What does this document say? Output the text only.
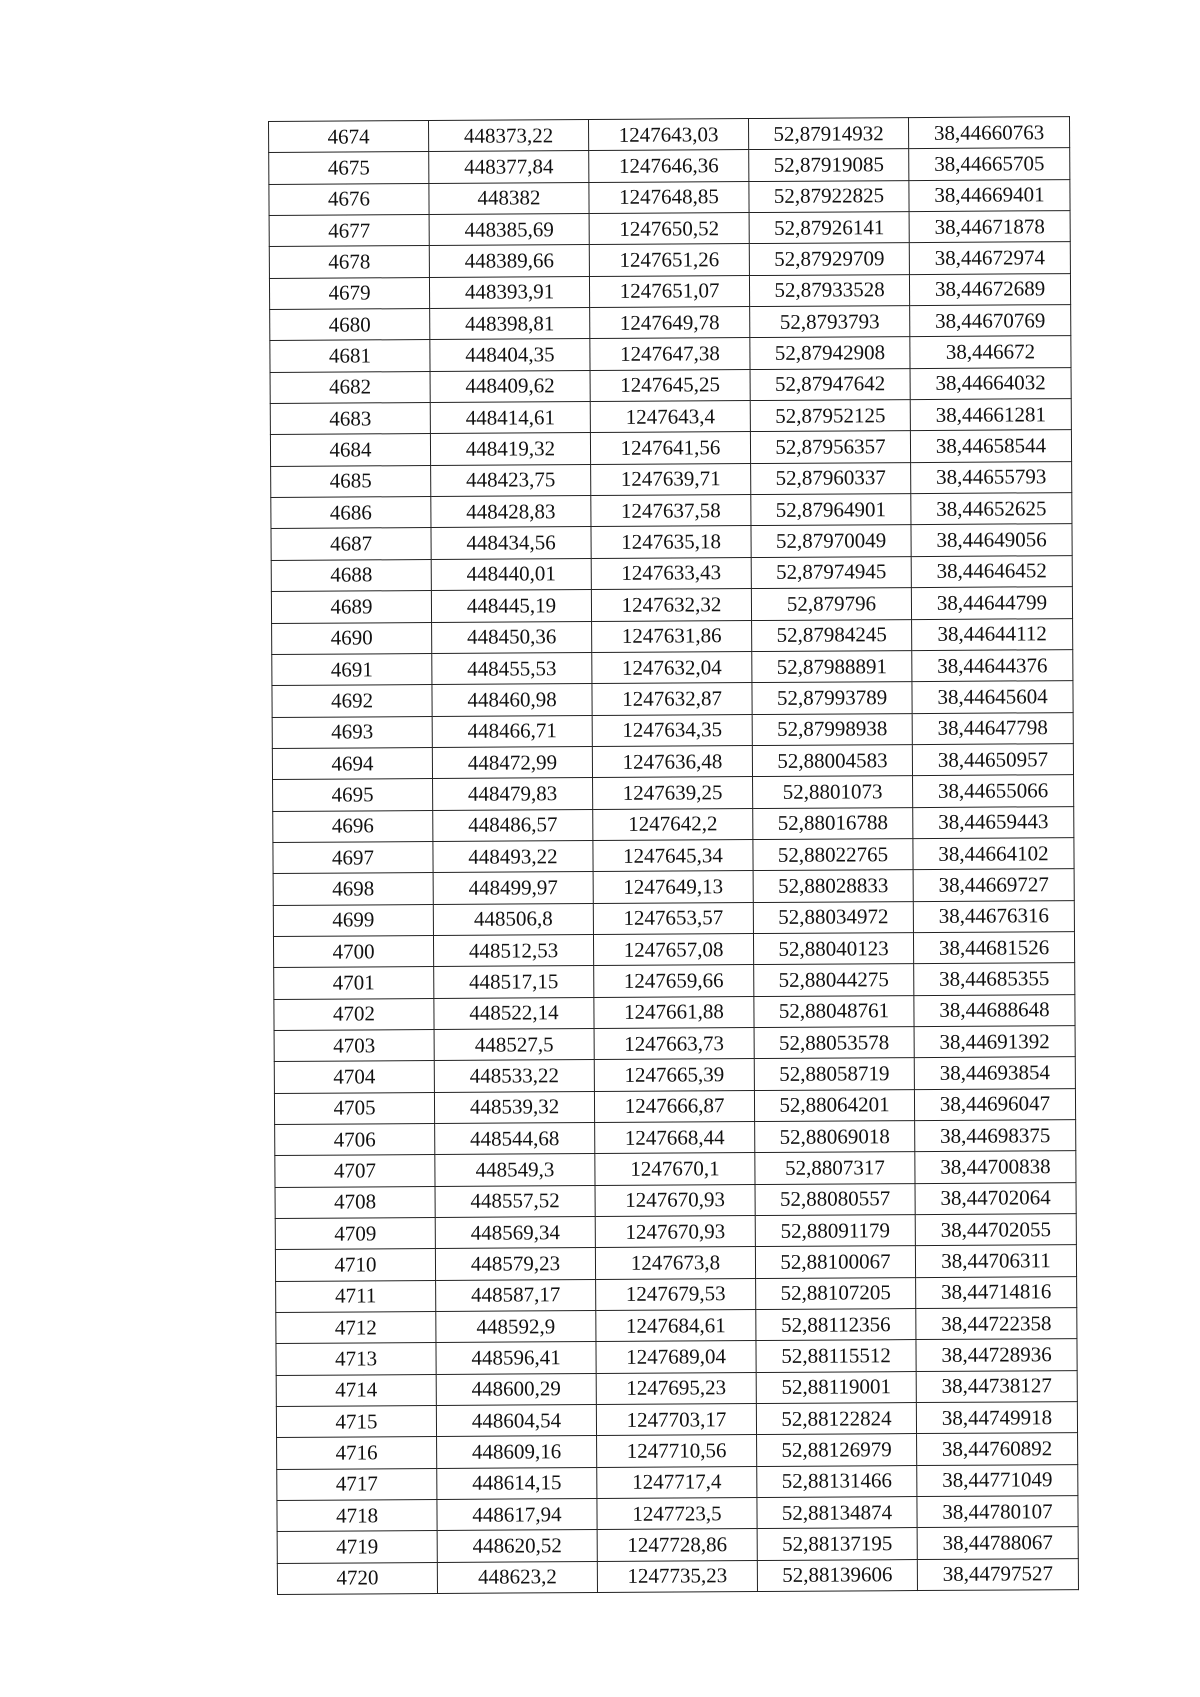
4674	448373,22	1247643,03	52,87914932	38,44660763
4675	448377,84	1247646,36	52,87919085	38,44665705
4676	448382	1247648,85	52,87922825	38,44669401
4677	448385,69	1247650,52	52,87926141	38,44671878
4678	448389,66	1247651,26	52,87929709	38,44672974
4679	448393,91	1247651,07	52,87933528	38,44672689
4680	448398,81	1247649,78	52,8793793	38,44670769
4681	448404,35	1247647,38	52,87942908	38,446672
4682	448409,62	1247645,25	52,87947642	38,44664032
4683	448414,61	1247643,4	52,87952125	38,44661281
4684	448419,32	1247641,56	52,87956357	38,44658544
4685	448423,75	1247639,71	52,87960337	38,44655793
4686	448428,83	1247637,58	52,87964901	38,44652625
4687	448434,56	1247635,18	52,87970049	38,44649056
4688	448440,01	1247633,43	52,87974945	38,44646452
4689	448445,19	1247632,32	52,879796	38,44644799
4690	448450,36	1247631,86	52,87984245	38,44644112
4691	448455,53	1247632,04	52,87988891	38,44644376
4692	448460,98	1247632,87	52,87993789	38,44645604
4693	448466,71	1247634,35	52,87998938	38,44647798
4694	448472,99	1247636,48	52,88004583	38,44650957
4695	448479,83	1247639,25	52,8801073	38,44655066
4696	448486,57	1247642,2	52,88016788	38,44659443
4697	448493,22	1247645,34	52,88022765	38,44664102
4698	448499,97	1247649,13	52,88028833	38,44669727
4699	448506,8	1247653,57	52,88034972	38,44676316
4700	448512,53	1247657,08	52,88040123	38,44681526
4701	448517,15	1247659,66	52,88044275	38,44685355
4702	448522,14	1247661,88	52,88048761	38,44688648
4703	448527,5	1247663,73	52,88053578	38,44691392
4704	448533,22	1247665,39	52,88058719	38,44693854
4705	448539,32	1247666,87	52,88064201	38,44696047
4706	448544,68	1247668,44	52,88069018	38,44698375
4707	448549,3	1247670,1	52,8807317	38,44700838
4708	448557,52	1247670,93	52,88080557	38,44702064
4709	448569,34	1247670,93	52,88091179	38,44702055
4710	448579,23	1247673,8	52,88100067	38,44706311
4711	448587,17	1247679,53	52,88107205	38,44714816
4712	448592,9	1247684,61	52,88112356	38,44722358
4713	448596,41	1247689,04	52,88115512	38,44728936
4714	448600,29	1247695,23	52,88119001	38,44738127
4715	448604,54	1247703,17	52,88122824	38,44749918
4716	448609,16	1247710,56	52,88126979	38,44760892
4717	448614,15	1247717,4	52,88131466	38,44771049
4718	448617,94	1247723,5	52,88134874	38,44780107
4719	448620,52	1247728,86	52,88137195	38,44788067
4720	448623,2	1247735,23	52,88139606	38,44797527
